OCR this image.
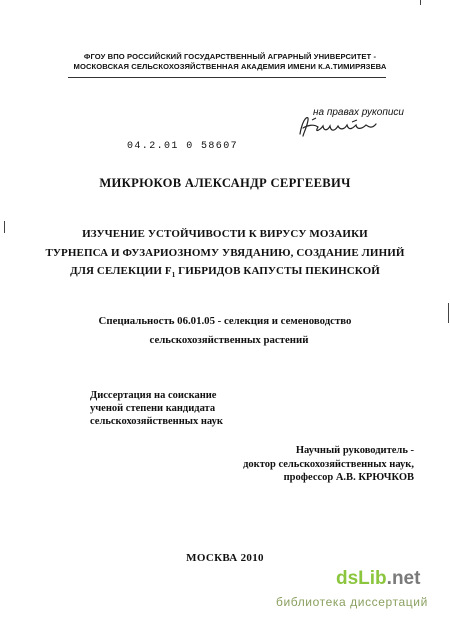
ФГОУ ВПО РОССИЙСКИЙ ГОСУДАРСТВЕННЫЙ АГРАРНЫЙ УНИВЕРСИТЕТ -
МОСКОВСКАЯ СЕЛЬСКОХОЗЯЙСТВЕННАЯ АКАДЕМИЯ ИМЕНИ К.А.ТИМИРЯЗЕВА
на правах рукописи
04.2.01 0 58607
МИКРЮКОВ АЛЕКСАНДР СЕРГЕЕВИЧ
ИЗУЧЕНИЕ УСТОЙЧИВОСТИ К ВИРУСУ МОЗАИКИ
ТУРНЕПСА И ФУЗАРИОЗНОМУ УВЯДАНИЮ, СОЗДАНИЕ ЛИНИЙ
ДЛЯ СЕЛЕКЦИИ $F_1$ ГИБРИДОВ КАПУСТЫ ПЕКИНСКОЙ
Специальность 06.01.05 - селекция и семеноводство
сельскохозяйственных растений
Диссертация на соискание
ученой степени кандидата
сельскохозяйственных наук
Научный руководитель -
доктор сельскохозяйственных наук,
профессор А.В. КРЮЧКОВ
МОСКВА 2010
dsLib.net
библиотека диссертаций
